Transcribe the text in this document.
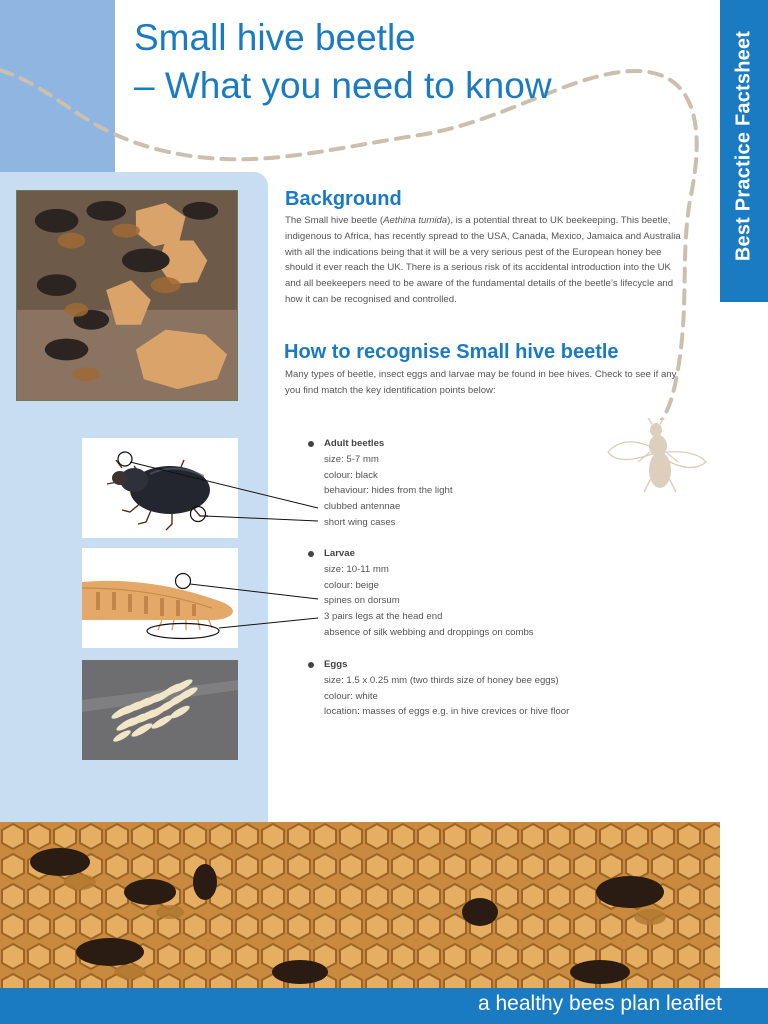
Small hive beetle
– What you need to know	Best Practice Factsheet
Background

The Small hive beetle (Aethina tumida), is a potential threat to UK beekeeping. This beetle, indigenous to Africa, has recently spread to the USA, Canada, Mexico, Jamaica and Australia with all the indications being that it will be a very serious pest of the European honey bee should it ever reach the UK. There is a serious risk of its accidental introduction into the UK and all beekeepers need to be aware of the fundamental details of the beetle’s lifecycle and how it can be recognised and controlled.

How to recognise Small hive beetle

Many types of beetle, insect eggs and larvae may be found in bee hives. Check to see if any you find match the key identification points below:

Adult beetles
size: 5-7 mm
colour: black
behaviour: hides from the light
clubbed antennae
short wing cases
Larvae
size: 10-11 mm
colour: beige
spines on dorsum
3 pairs legs at the head end
absence of silk webbing and droppings on combs
Eggs
size: 1.5 x 0.25 mm (two thirds size of honey bee eggs)
colour: white
location: masses of eggs e.g. in hive crevices or hive floor
a healthy bees plan leaflet
